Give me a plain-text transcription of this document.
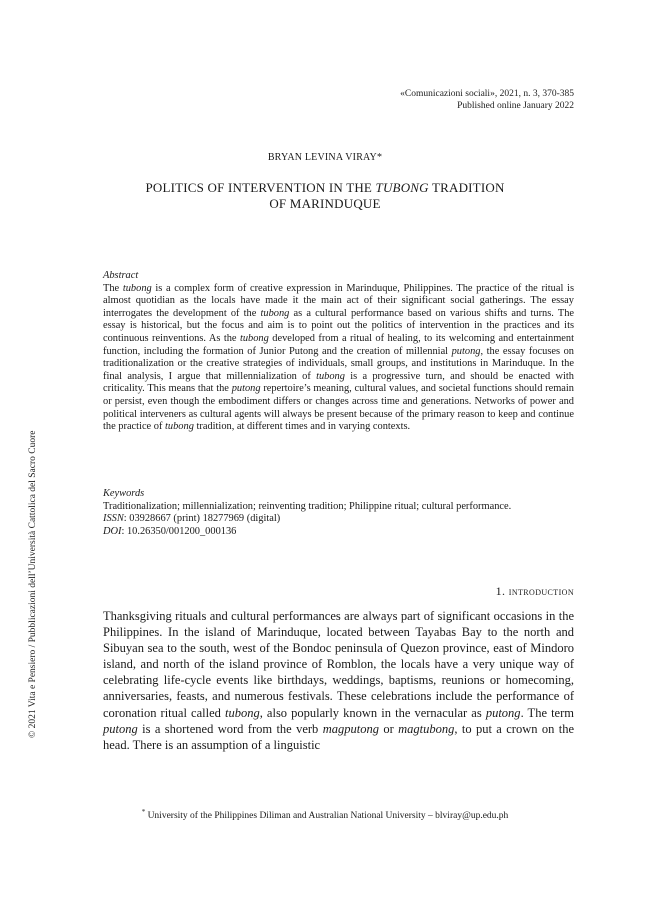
«Comunicazioni sociali», 2021, n. 3, 370-385
Published online January 2022
BRYAN LEVINA VIRAY*
POLITICS OF INTERVENTION IN THE TUBONG TRADITION
OF MARINDUQUE
Abstract
The tubong is a complex form of creative expression in Marinduque, Philippines. The practice of the ritual is almost quotidian as the locals have made it the main act of their significant social gatherings. The essay interrogates the development of the tubong as a cultural performance based on various shifts and turns. The essay is historical, but the focus and aim is to point out the politics of intervention in the practices and its continuous reinventions. As the tubong developed from a ritual of healing, to its welcoming and entertainment function, including the formation of Junior Putong and the creation of millennial putong, the essay focuses on traditionalization or the creative strategies of individuals, small groups, and institutions in Marinduque. In the final analysis, I argue that millennialization of tubong is a progressive turn, and should be enacted with criticality. This means that the putong repertoire’s meaning, cultural values, and societal functions should remain or persist, even though the embodiment differs or changes across time and generations. Networks of power and political interveners as cultural agents will always be present because of the primary reason to keep and continue the practice of tubong tradition, at different times and in varying contexts.
Keywords
Traditionalization; millennialization; reinventing tradition; Philippine ritual; cultural performance.
ISSN: 03928667 (print) 18277969 (digital)
DOI: 10.26350/001200_000136
1. introduction
Thanksgiving rituals and cultural performances are always part of significant occasions in the Philippines. In the island of Marinduque, located between Tayabas Bay to the north and Sibuyan sea to the south, west of the Bondoc peninsula of Quezon province, east of Mindoro island, and north of the island province of Romblon, the locals have a very unique way of celebrating life-cycle events like birthdays, weddings, baptisms, reunions or homecoming, anniversaries, feasts, and numerous festivals. These celebrations include the performance of coronation ritual called tubong, also popularly known in the vernacular as putong. The term putong is a shortened word from the verb magputong or magtubong, to put a crown on the head. There is an assumption of a linguistic
* University of the Philippines Diliman and Australian National University – blviray@up.edu.ph
© 2021 Vita e Pensiero / Pubblicazioni dell’Università Cattolica del Sacro Cuore
